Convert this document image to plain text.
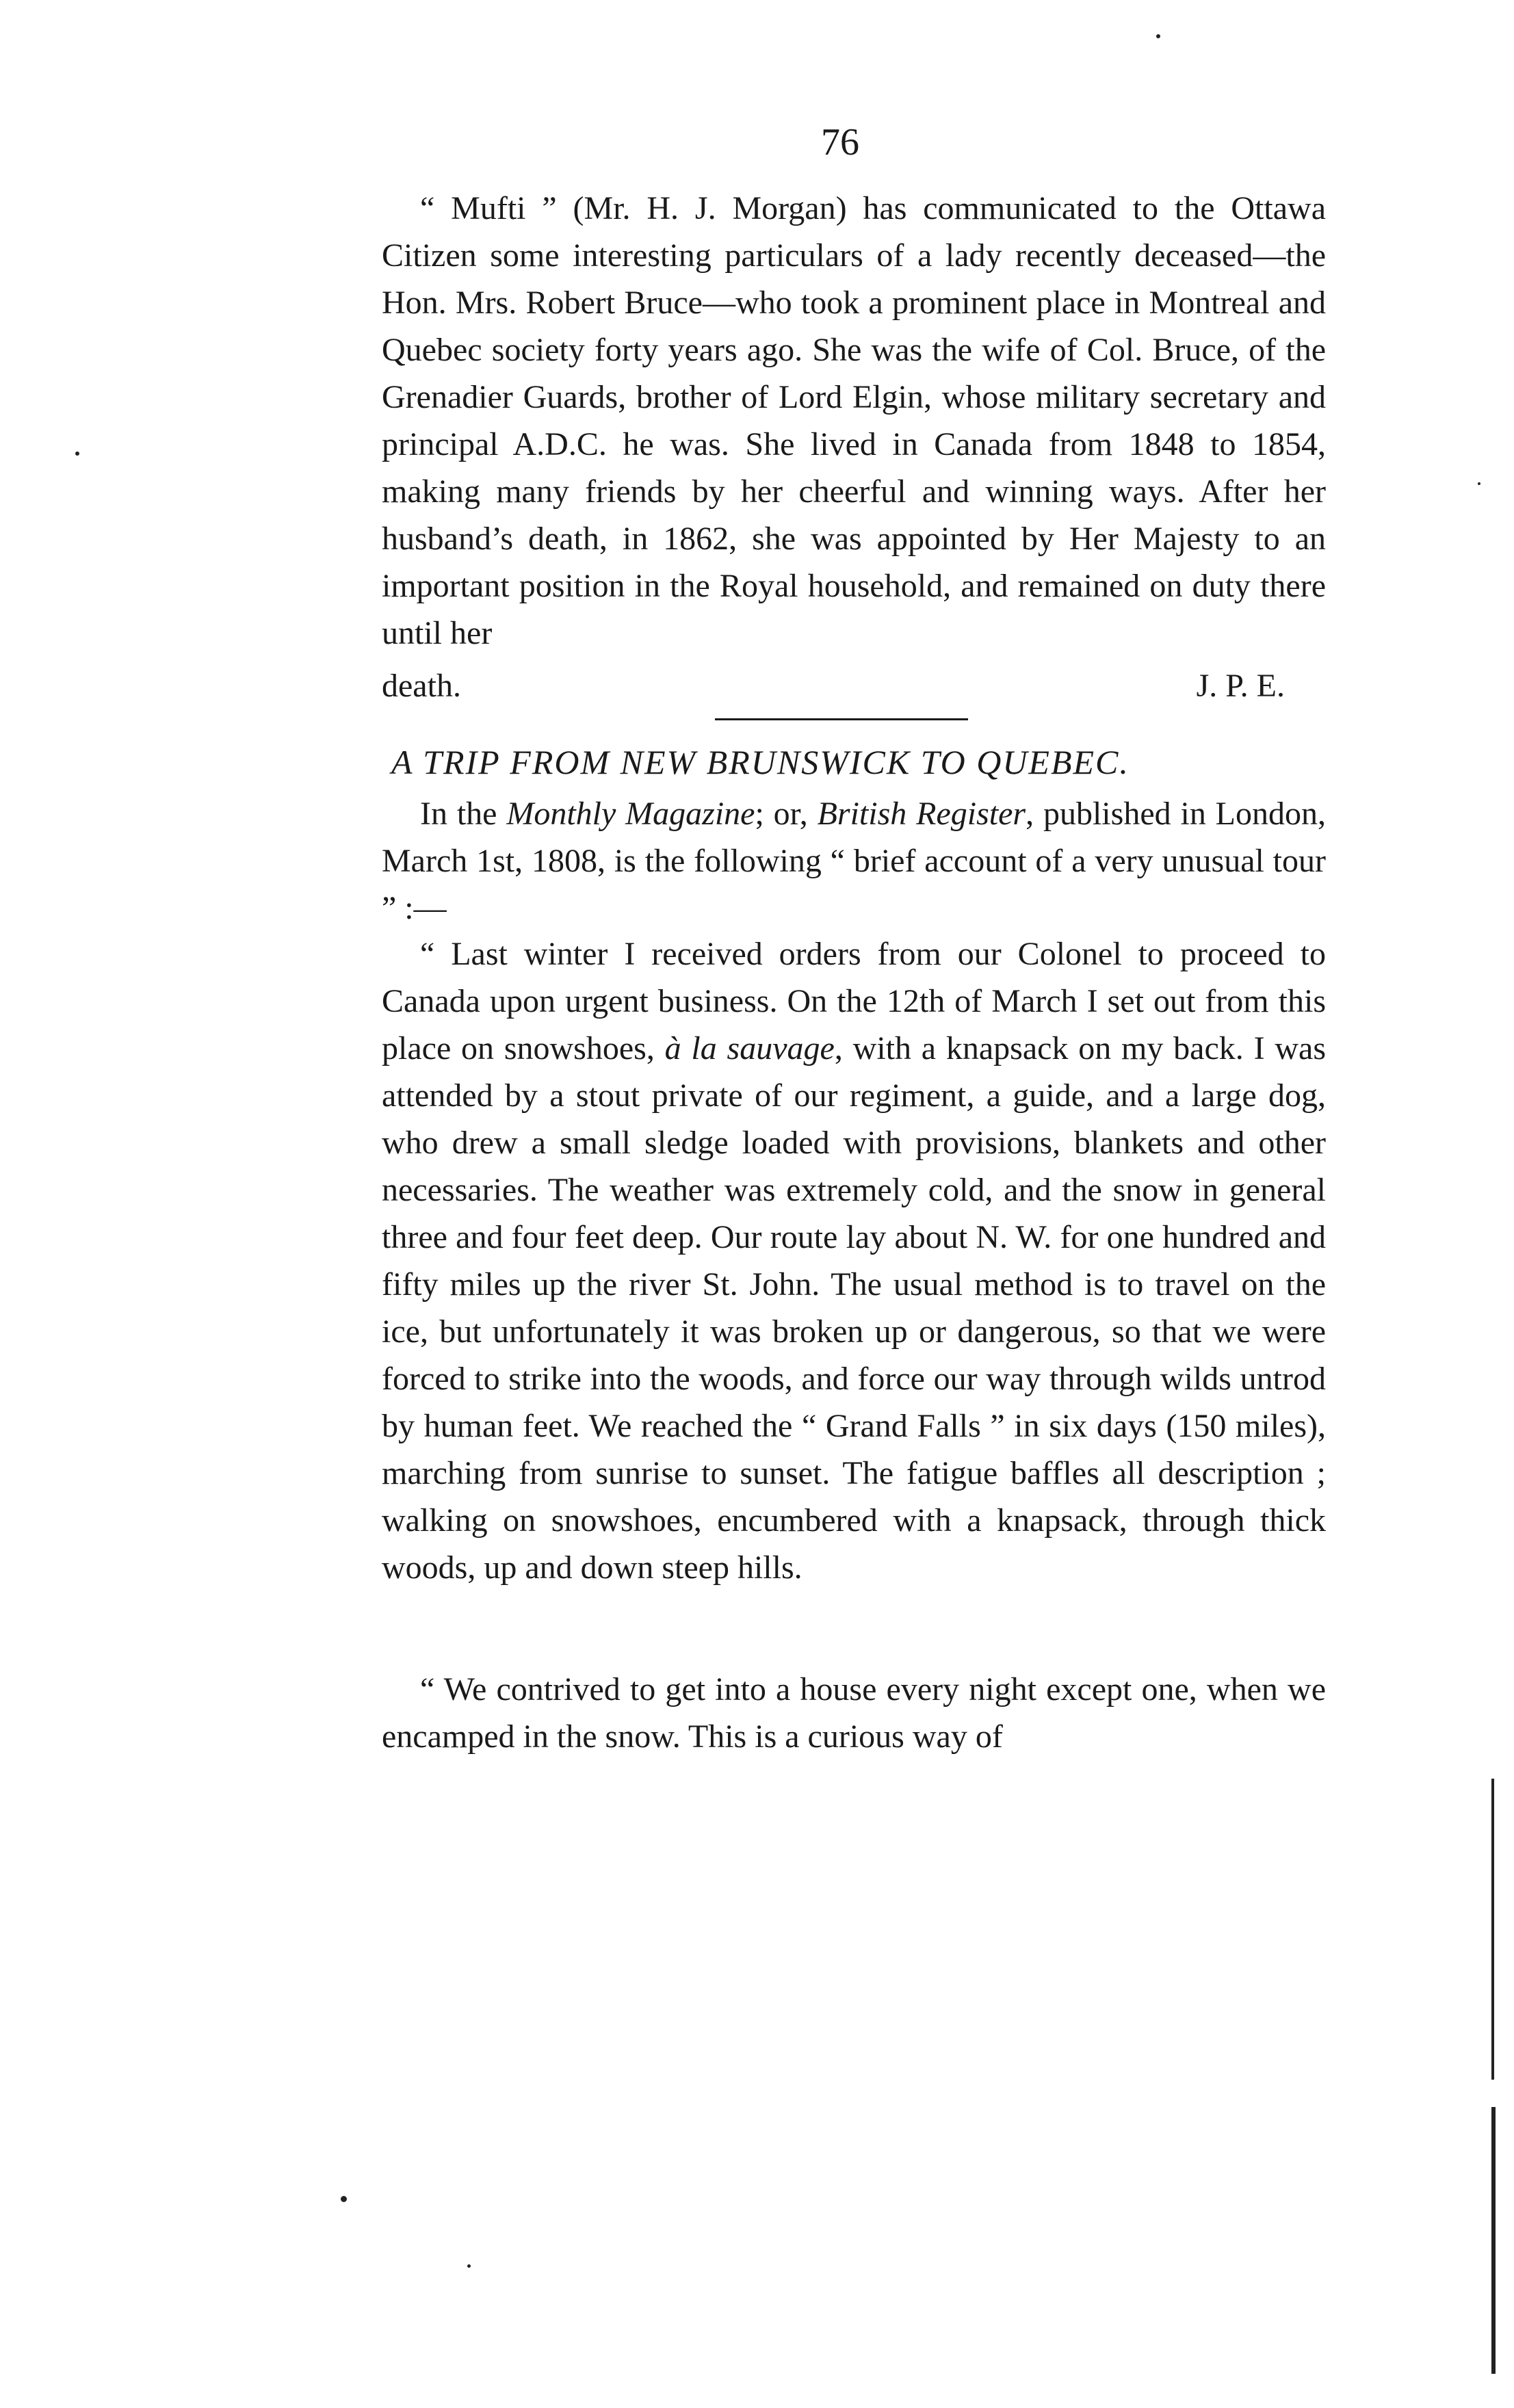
76

“ Mufti ” (Mr. H. J. Morgan) has communicated to the Ottawa Citizen some interesting particulars of a lady recently deceased—the Hon. Mrs. Robert Bruce—who took a prominent place in Montreal and Quebec society forty years ago. She was the wife of Col. Bruce, of the Grenadier Guards, brother of Lord Elgin, whose military secretary and principal A.D.C. he was. She lived in Canada from 1848 to 1854, making many friends by her cheerful and winning ways. After her husband’s death, in 1862, she was appointed by Her Majesty to an important position in the Royal household, and remained on duty there until her

death.	J. P. E.
A TRIP FROM NEW BRUNSWICK TO QUEBEC.

In the Monthly Magazine; or, British Register, published in London, March 1st, 1808, is the following “ brief account of a very unusual tour ” :—

“ Last winter I received orders from our Colonel to proceed to Canada upon urgent business. On the 12th of March I set out from this place on snowshoes, à la sauvage, with a knapsack on my back. I was attended by a stout private of our regiment, a guide, and a large dog, who drew a small sledge loaded with provisions, blankets and other necessaries. The weather was extremely cold, and the snow in general three and four feet deep. Our route lay about N. W. for one hundred and fifty miles up the river St. John. The usual method is to travel on the ice, but unfortunately it was broken up or dangerous, so that we were forced to strike into the woods, and force our way through wilds untrod by human feet. We reached the “ Grand Falls ” in six days (150 miles), marching from sunrise to sunset. The fatigue baffles all description ; walking on snowshoes, encumbered with a knapsack, through thick woods, up and down steep hills.

“ We contrived to get into a house every night except one, when we encamped in the snow. This is a curious way of
